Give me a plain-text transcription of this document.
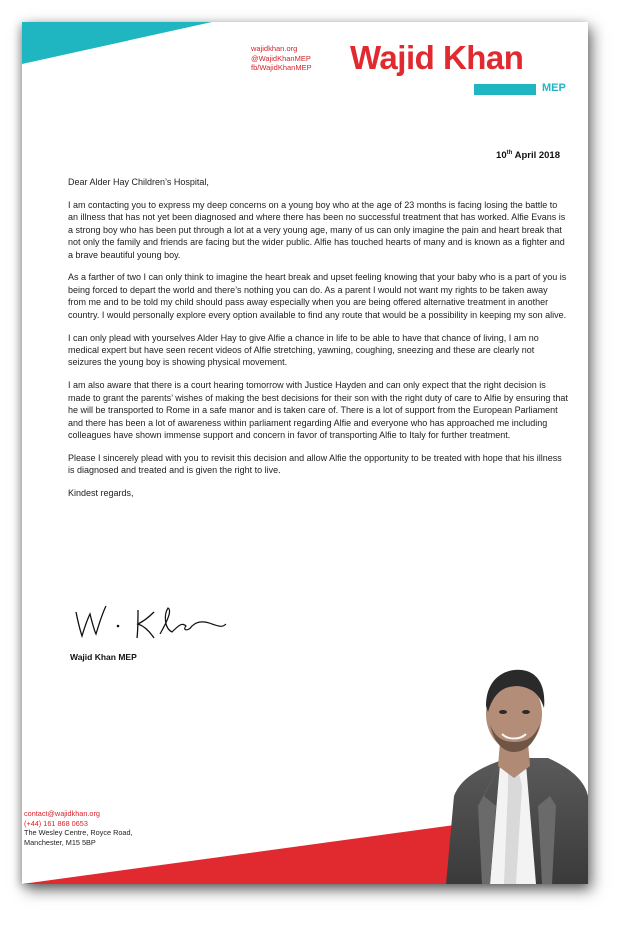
wajidkhan.org
@WajidKhanMEP
fb/WajidKhanMEP Wajid Khan
MEP
10th April 2018

Dear Alder Hay Children’s Hospital,

I am contacting you to express my deep concerns on a young boy who at the age of 23 months is facing losing the battle to an illness that has not yet been diagnosed and where there has been no successful treatment that has worked. Alfie Evans is a strong boy who has been put through a lot at a very young age, many of us can only imagine the pain and heart break that not only the family and friends are facing but the wider public. Alfie has touched hearts of many and is known as a fighter and a brave beautiful young boy.

As a farther of two I can only think to imagine the heart break and upset feeling knowing that your baby who is a part of you is being forced to depart the world and there’s nothing you can do. As a parent I would not want my rights to be taken away from me and to be told my child should pass away especially when you are being offered alternative treatment in another country. I would personally explore every option available to find any route that would be a possibility in keeping my son alive.

I can only plead with yourselves Alder Hay to give Alfie a chance in life to be able to have that chance of living, I am no medical expert but have seen recent videos of Alfie stretching, yawning, coughing, sneezing and these are clearly not seizures the young boy is showing physical movement.

I am also aware that there is a court hearing tomorrow with Justice Hayden and can only expect that the right decision is made to grant the parents’ wishes of making the best decisions for their son with the right duty of care to Alfie by ensuring that he will be transported to Rome in a safe manor and is taken care of. There is a lot of support from the European Parliament and there has been a lot of awareness within parliament regarding Alfie and everyone who has approached me including colleagues have shown immense support and concern in favor of transporting Alfie to Italy for further treatment.

Please I sincerely plead with you to revisit this decision and allow Alfie the opportunity to be treated with hope that his illness is diagnosed and treated and is given the right to live.

Kindest regards,

Wajid Khan MEP
contact@wajidkhan.org
(+44) 161 868 0653
The Wesley Centre, Royce Road,
Manchester, M15 5BP
